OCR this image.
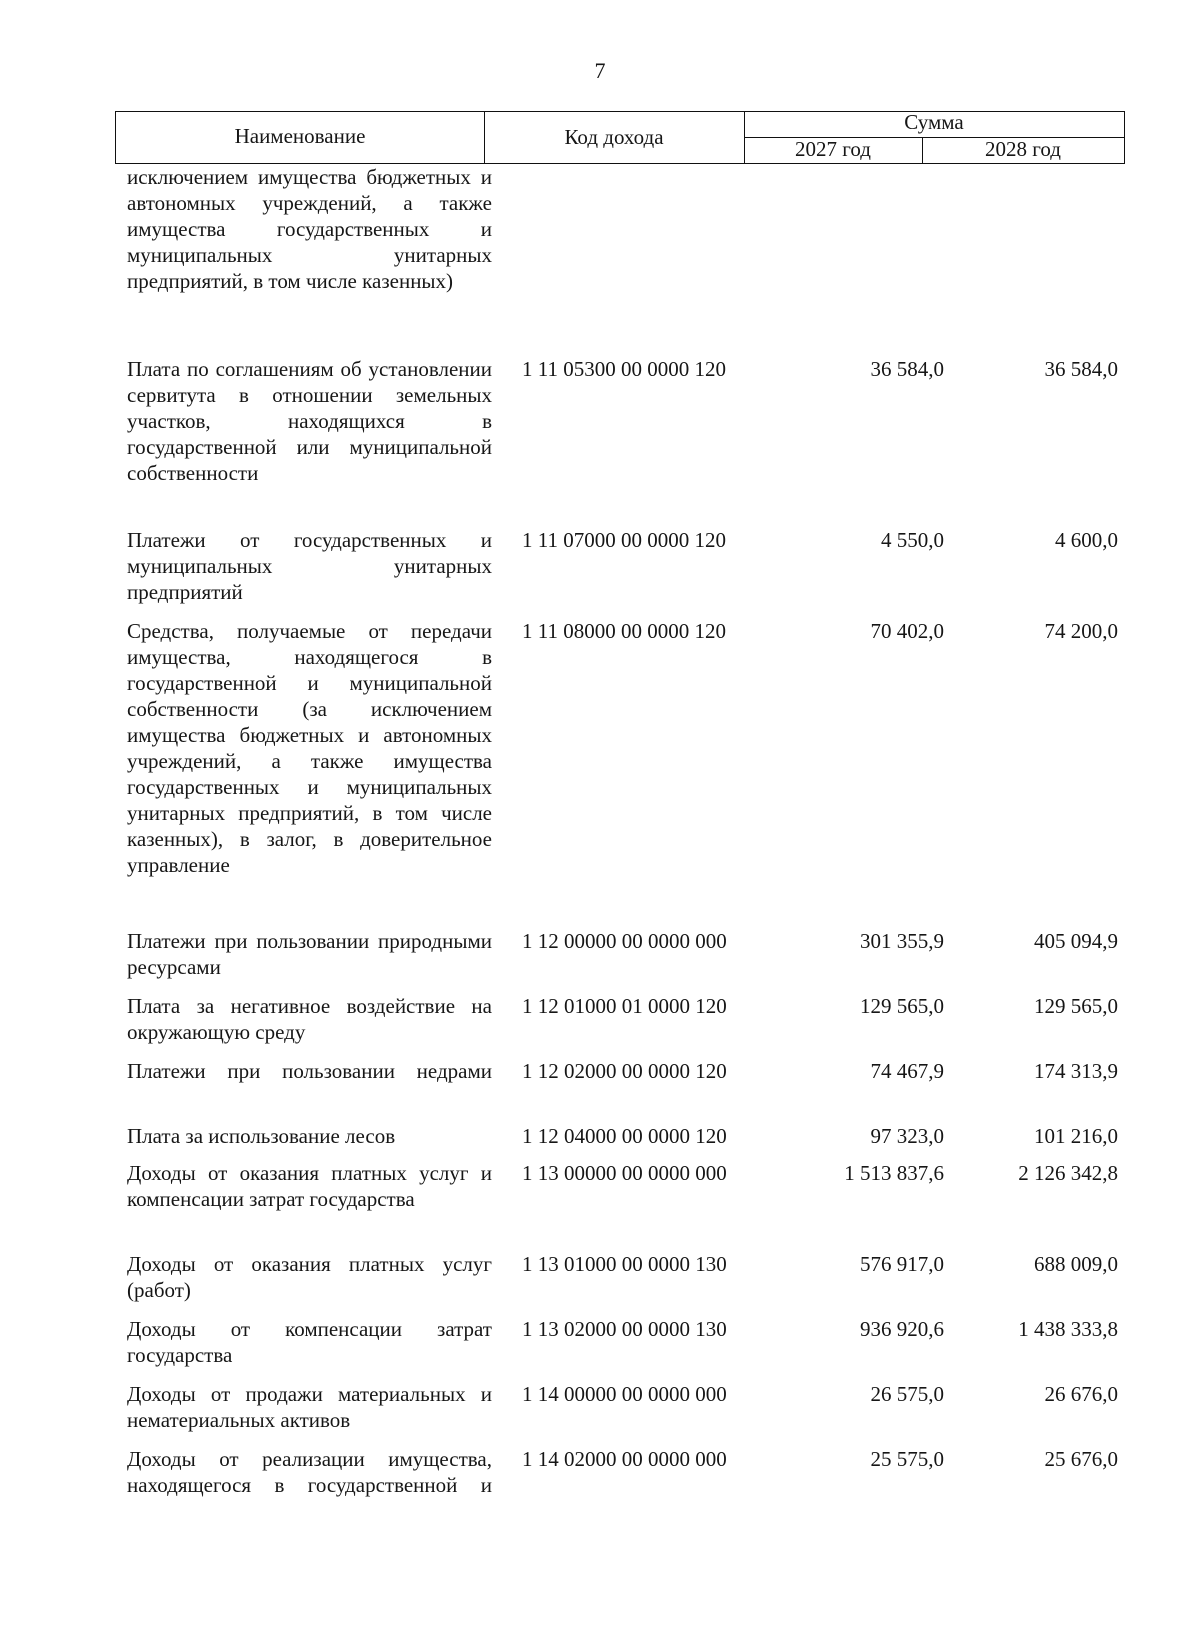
7
Наименование	Код дохода
Сумма
2027 год	2028 год
исключением имущества бюджетных и автономных учреждений, а также имущества государственных и муниципальных унитарных предприятий, в том числе казенных)
Плата по соглашениям об установлении сервитута в отношении земельных участков, находящихся в государственной или муниципальной собственности
1 11 05300 00 0000 120	36 584,0	36 584,0
Платежи от государственных и муниципальных унитарных предприятий
1 11 07000 00 0000 120	4 550,0	4 600,0
Средства, получаемые от передачи имущества, находящегося в государственной и муниципальной собственности (за исключением имущества бюджетных и автономных учреждений, а также имущества государственных и муниципальных унитарных предприятий, в том числе казенных), в залог, в доверительное управление
1 11 08000 00 0000 120	70 402,0	74 200,0
Платежи при пользовании природными ресурсами
1 12 00000 00 0000 000	301 355,9	405 094,9
Плата за негативное воздействие на окружающую среду
1 12 01000 01 0000 120	129 565,0	129 565,0
Платежи при пользовании недрами 1 12 02000 00 0000 120	74 467,9	174 313,9
Плата за использование лесов	1 12 04000 00 0000 120	97 323,0	101 216,0
Доходы от оказания платных услуг и компенсации затрат государства
1 13 00000 00 0000 000	1 513 837,6	2 126 342,8
Доходы от оказания платных услуг (работ)
1 13 01000 00 0000 130	576 917,0	688 009,0
Доходы от компенсации затрат государства
1 13 02000 00 0000 130	936 920,6	1 438 333,8
Доходы от продажи материальных и нематериальных активов
1 14 00000 00 0000 000	26 575,0	26 676,0
Доходы от реализации имущества, находящегося в государственной и
1 14 02000 00 0000 000	25 575,0	25 676,0
